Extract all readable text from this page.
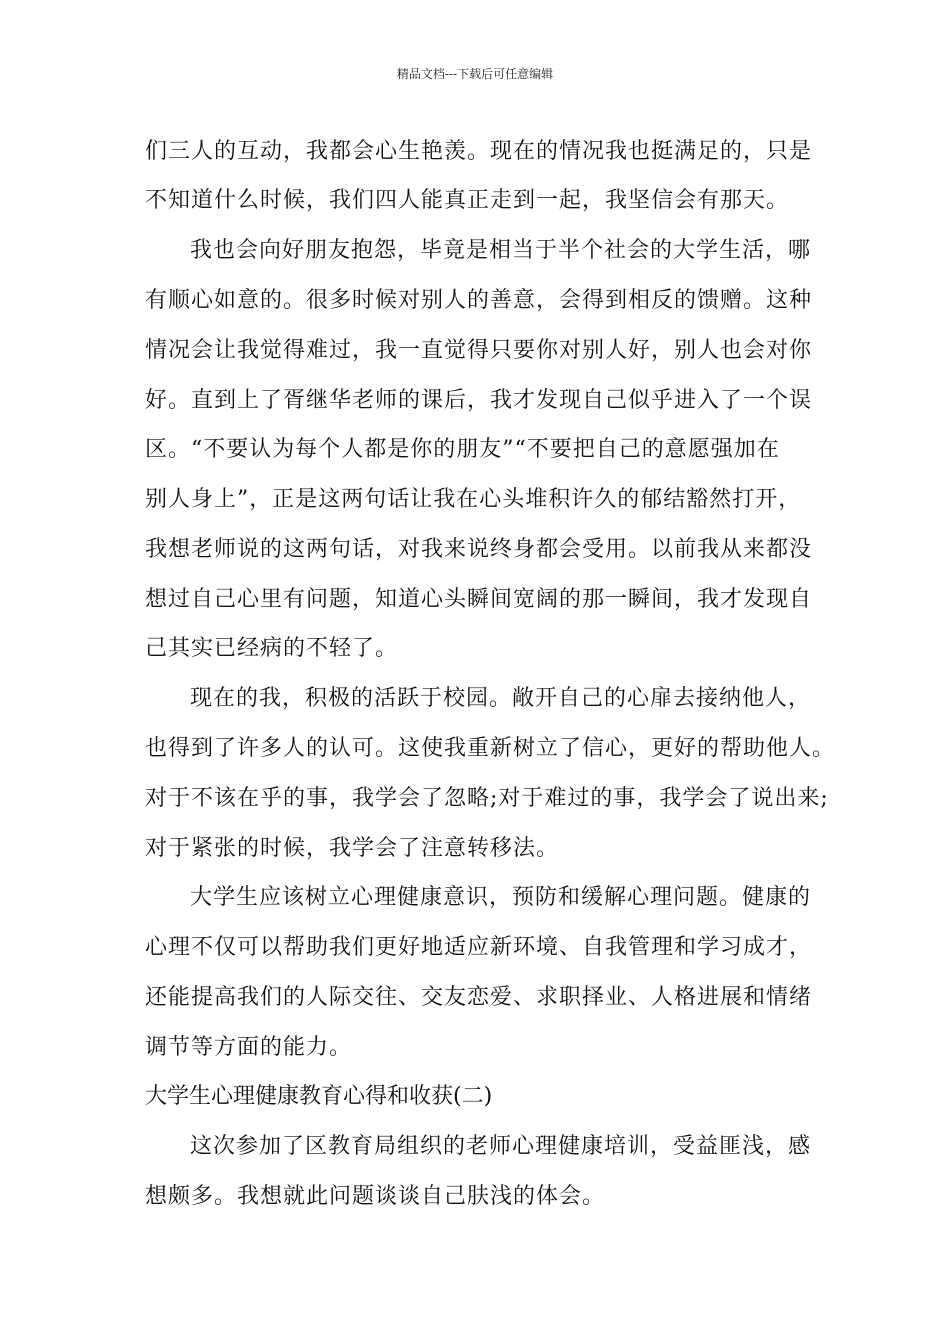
精品文档---下载后可任意编辑
们三人的互动，我都会心生艳羡。现在的情况我也挺满足的，只是
不知道什么时候，我们四人能真正走到一起，我坚信会有那天。
我也会向好朋友抱怨，毕竟是相当于半个社会的大学生活，哪
有顺心如意的。很多时候对别人的善意，会得到相反的馈赠。这种
情况会让我觉得难过，我一直觉得只要你对别人好，别人也会对你
好。直到上了胥继华老师的课后，我才发现自己似乎进入了一个误
区。“不要认为每个人都是你的朋友”“不要把自己的意愿强加在
别人身上”，正是这两句话让我在心头堆积许久的郁结豁然打开，
我想老师说的这两句话，对我来说终身都会受用。以前我从来都没
想过自己心里有问题，知道心头瞬间宽阔的那一瞬间，我才发现自
己其实已经病的不轻了。
现在的我，积极的活跃于校园。敞开自己的心扉去接纳他人，
也得到了许多人的认可。这使我重新树立了信心，更好的帮助他人。
对于不该在乎的事，我学会了忽略;对于难过的事，我学会了说出来;
对于紧张的时候，我学会了注意转移法。
大学生应该树立心理健康意识，预防和缓解心理问题。健康的
心理不仅可以帮助我们更好地适应新环境、自我管理和学习成才，
还能提高我们的人际交往、交友恋爱、求职择业、人格进展和情绪
调节等方面的能力。
大学生心理健康教育心得和收获(二)
这次参加了区教育局组织的老师心理健康培训，受益匪浅，感
想颇多。我想就此问题谈谈自己肤浅的体会。
